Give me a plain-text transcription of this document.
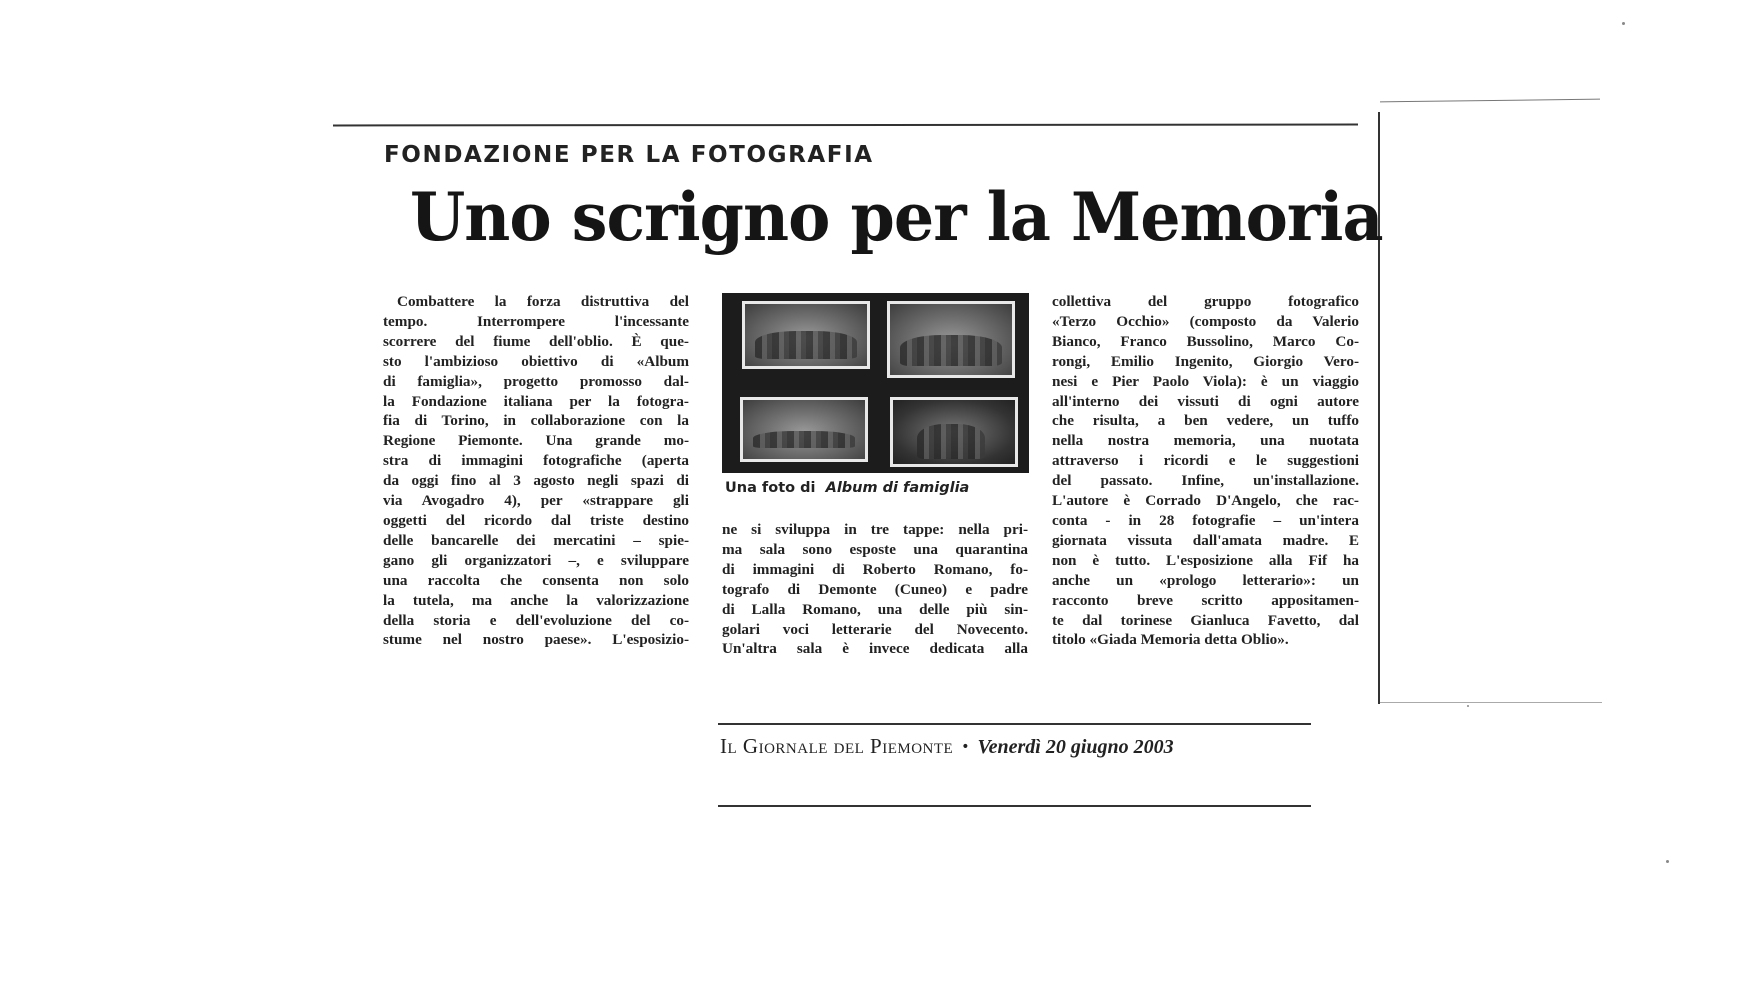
FONDAZIONE PER LA FOTOGRAFIA
Uno scrigno per la Memoria
Combattere la forza distruttiva del
tempo. Interrompere l'incessante
scorrere del fiume dell'oblio. È que-
sto l'ambizioso obiettivo di «Album
di famiglia», progetto promosso dal-
la Fondazione italiana per la fotogra-
fia di Torino, in collaborazione con la
Regione Piemonte. Una grande mo-
stra di immagini fotografiche (aperta
da oggi fino al 3 agosto negli spazi di
via Avogadro 4), per «strappare gli
oggetti del ricordo dal triste destino
delle bancarelle dei mercatini – spie-
gano gli organizzatori –, e sviluppare
una raccolta che consenta non solo
la tutela, ma anche la valorizzazione
della storia e dell'evoluzione del co-
stume nel nostro paese». L'esposizio-
Una foto di Album di famiglia
ne si sviluppa in tre tappe: nella pri-
ma sala sono esposte una quarantina
di immagini di Roberto Romano, fo-
tografo di Demonte (Cuneo) e padre
di Lalla Romano, una delle più sin-
golari voci letterarie del Novecento.
Un'altra sala è invece dedicata alla
collettiva del gruppo fotografico
«Terzo Occhio» (composto da Valerio
Bianco, Franco Bussolino, Marco Co-
rongi, Emilio Ingenito, Giorgio Vero-
nesi e Pier Paolo Viola): è un viaggio
all'interno dei vissuti di ogni autore
che risulta, a ben vedere, un tuffo
nella nostra memoria, una nuotata
attraverso i ricordi e le suggestioni
del passato. Infine, un'installazione.
L'autore è Corrado D'Angelo, che rac-
conta - in 28 fotografie – un'intera
giornata vissuta dall'amata madre. E
non è tutto. L'esposizione alla Fif ha
anche un «prologo letterario»: un
racconto breve scritto appositamen-
te dal torinese Gianluca Favetto, dal
titolo «Giada Memoria detta Oblio».
Il Giornale del Piemonte • Venerdì 20 giugno 2003
